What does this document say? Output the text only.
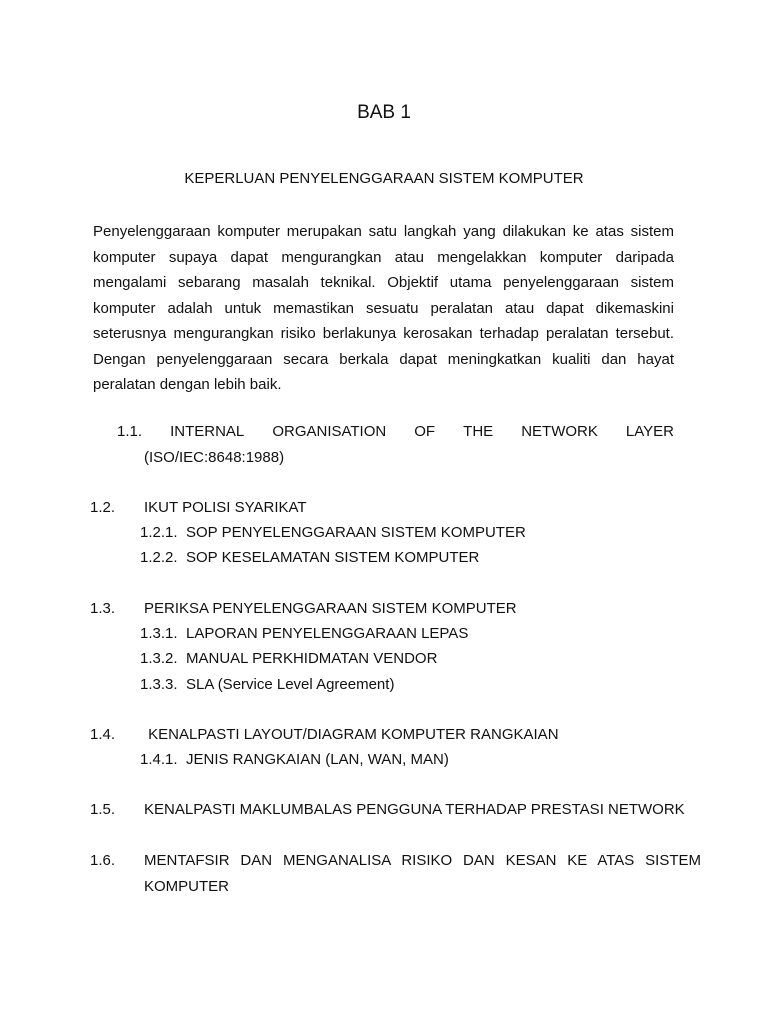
BAB 1
KEPERLUAN PENYELENGGARAAN SISTEM KOMPUTER

Penyelenggaraan komputer merupakan satu langkah yang dilakukan ke atas sistem komputer supaya dapat mengurangkan atau mengelakkan komputer daripada mengalami sebarang masalah teknikal. Objektif utama penyelenggaraan sistem komputer adalah untuk memastikan sesuatu peralatan atau dapat dikemaskini seterusnya mengurangkan risiko berlakunya kerosakan terhadap peralatan tersebut. Dengan penyelenggaraan secara berkala dapat meningkatkan kualiti dan hayat peralatan dengan lebih baik.

1.1. INTERNAL ORGANISATION OF THE NETWORK LAYER
(ISO/IEC:8648:1988)

1.2. IKUT POLISI SYARIKAT

1.2.1. SOP PENYELENGGARAAN SISTEM KOMPUTER

1.2.2. SOP KESELAMATAN SISTEM KOMPUTER

1.3. PERIKSA PENYELENGGARAAN SISTEM KOMPUTER

1.3.1. LAPORAN PENYELENGGARAAN LEPAS

1.3.2. MANUAL PERKHIDMATAN VENDOR

1.3.3. SLA (Service Level Agreement)

1.4. KENALPASTI LAYOUT/DIAGRAM KOMPUTER RANGKAIAN

1.4.1. JENIS RANGKAIAN (LAN, WAN, MAN)

1.5. KENALPASTI MAKLUMBALAS PENGGUNA TERHADAP PRESTASI NETWORK

1.6. MENTAFSIR DAN MENGANALISA RISIKO DAN KESAN KE ATAS SISTEM KOMPUTER
